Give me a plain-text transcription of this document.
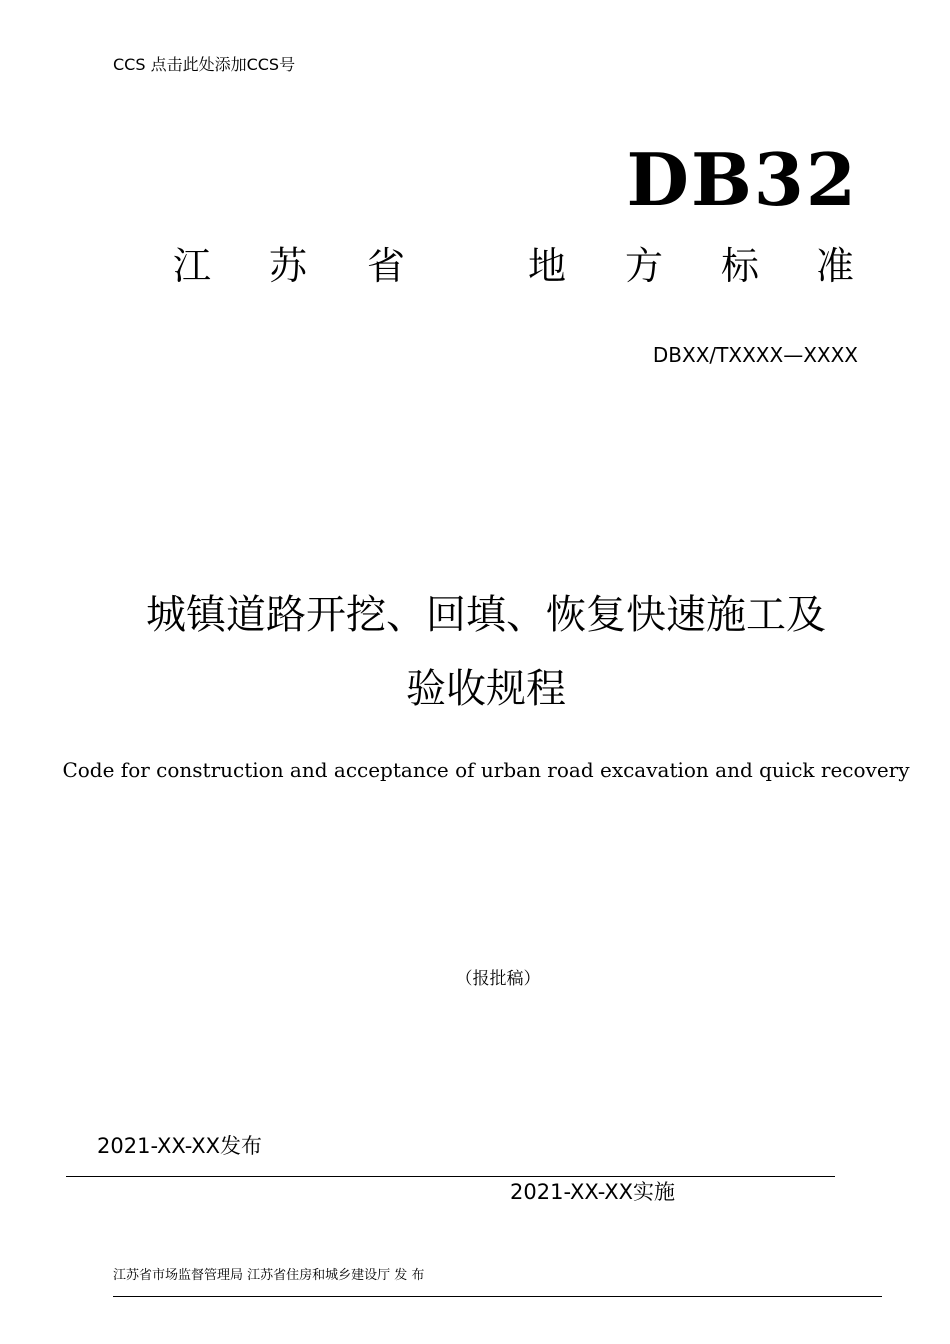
CCS 点击此处添加CCS号
DB32
江 苏 省	地 方 标 准
DBXX/TXXXX—XXXX
城镇道路开挖、回填、恢复快速施工及
验收规程
Code for construction and acceptance of urban road excavation and quick recovery
（报批稿）
2021-XX-XX发布
2021-XX-XX实施
江苏省市场监督管理局 江苏省住房和城乡建设厅 发 布
